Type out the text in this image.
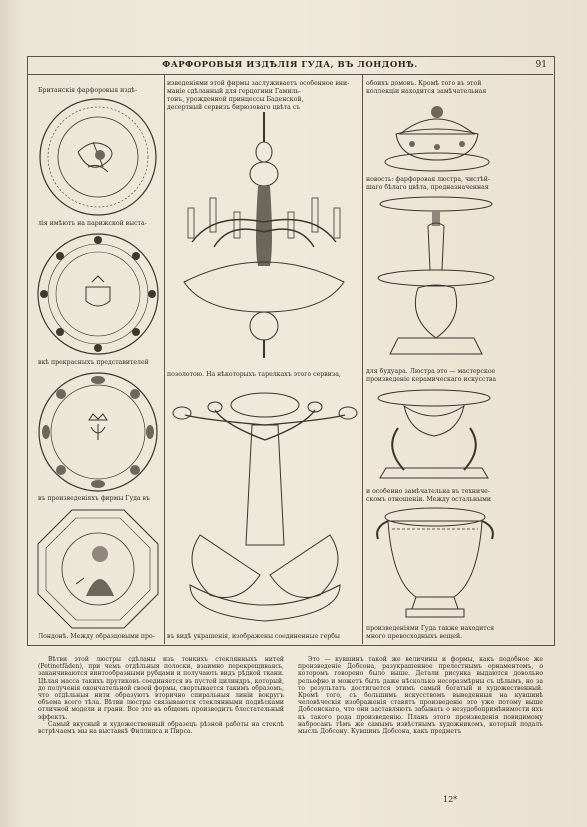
ФАРФОРОВЫЯ ИЗДѢЛІЯ ГУДА, ВЪ ЛОНДОНѢ.	91
Британскія фарфоровыя издѣ-
лія имѣютъ на парижской выста-
вкѣ прекрасныхъ представителей
въ произведеніяхъ фирмы Гуда въ
Лондонѣ. Между образцовыми про-
изведеніями этой фирмы заслуживаетъ особенное вни-
маніе сдѣланный для герцогини Гамиль-
тонъ, урожденной принцессы Баденской,
десертный сервизъ бирюзоваго цвѣта съ
позолотою. На нѣкоторыхъ тарелкахъ этого сервиза,
въ видѣ украшенія, изображены соединенные гербы
обоихъ домовъ. Кромѣ того въ этой
коллекціи находится замѣчательная
новость: фарфоровая люстра, чистѣй-
шаго бѣлаго цвѣта, предназначенная
для будуара. Люстра это — мастерское
произведеніе керамическаго искусства
и особенно замѣчательна въ техниче-
скомъ отношеніи. Между остальными
произведеніями Гуда также находится
много превосходныхъ вещей.

Вѣтви этой люстры сдѣланы изъ тонкихъ стеклянныхъ нитей (Petinetfäden), при чемъ отдѣльныя полоски, взаимно перекрещиваясь, заканчиваются винтообразными рубцами и получають видъ рѣдкой ткани. Цѣлая масса такихъ прутиковъ соединяется въ пустой цилиндръ, который, до полученія окончательной своей формы, свертывается такимъ образомъ, что отдѣльныя нити образуютъ вторично спиральныя линіи вокругъ объема всего тѣла. Вѣтви люстры связываются стеклянными подвѣсками отличной модели и грани. Все это въ общемъ производитъ блестательный эффектъ.

Самый вкусный и художественный образецъ рѣзной работы на стеклѣ встрѣчаемъ мы на выставкѣ Филлипса и Пирса.

Это — кувшинъ такой же величины и формы, какъ подобное же произведеніе Добсона, разукрашенное прелестнымъ орнаментомъ, о которомъ говорено было выше. Детали рисунка выдаются довольно рельефно и можетъ быть даже нѣсколько несоразмѣрны съ цѣлымъ, но за то результатъ достигается этимъ самый богатый и художественный. Кромѣ того, съ большимъ искусствомъ выведенныя на кувшинѣ человѣческія изображенія ставятъ произведеніе это уже потому выше Добсонскаго, что они заставляютъ забывать о незудобопримѣнимости ихъ къ такого рода произведенію. Планъ этого произведенія повидимому набросанъ тѣмъ же самымъ извѣстнымъ художникомъ, который подалъ мысль Добсону. Кувшинъ Добсона, какъ предметъ

12*
